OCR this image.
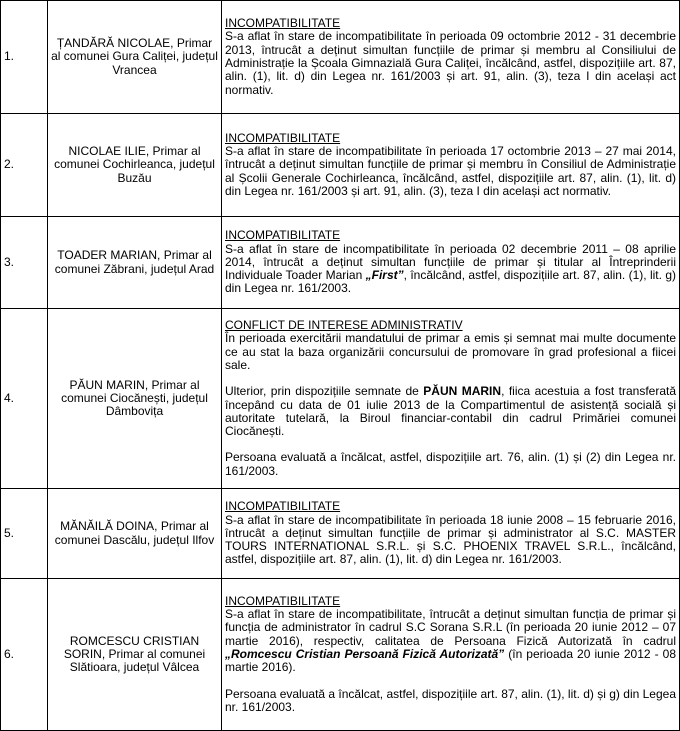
1.	ȚANDĂRĂ NICOLAE, Primar al comunei Gura Caliței, județul Vrancea	INCOMPATIBILITATE
S-a aflat în stare de incompatibilitate în perioada 09 octombrie 2012 - 31 decembrie 2013, întrucât a deținut simultan funcțiile de primar și membru al Consiliului de Administrație la Școala Gimnazială Gura Caliței, încălcând, astfel, dispozițiile art. 87, alin. (1), lit. d) din Legea nr. 161/2003 și art. 91, alin. (3), teza I din același act normativ.

2.	NICOLAE ILIE, Primar al comunei Cochirleanca, județul Buzău	INCOMPATIBILITATE
S-a aflat în stare de incompatibilitate în perioada 17 octombrie 2013 – 27 mai 2014, întrucât a deținut simultan funcțiile de primar și membru în Consiliul de Administrație al Școlii Generale Cochirleanca, încălcând, astfel, dispozițiile art. 87, alin. (1), lit. d) din Legea nr. 161/2003 și art. 91, alin. (3), teza I din același act normativ.

3.	TOADER MARIAN, Primar al comunei Zăbrani, județul Arad	INCOMPATIBILITATE
S-a aflat în stare de incompatibilitate în perioada 02 decembrie 2011 – 08 aprilie 2014, întrucât a deținut simultan funcțiile de primar și titular al Întreprinderii Individuale Toader Marian „First”, încălcând, astfel, dispozițiile art. 87, alin. (1), lit. g) din Legea nr. 161/2003.

4.	PĂUN MARIN, Primar al comunei Ciocănești, județul Dâmbovița	CONFLICT DE INTERESE ADMINISTRATIV
În perioada exercitării mandatului de primar a emis și semnat mai multe documente ce au stat la baza organizării concursului de promovare în grad profesional a fiicei sale.
Ulterior, prin dispozițiile semnate de PĂUN MARIN, fiica acestuia a fost transferată începând cu data de 01 iulie 2013 de la Compartimentul de asistență socială și autoritate tutelară, la Biroul financiar-contabil din cadrul Primăriei comunei Ciocănești.
Persoana evaluată a încălcat, astfel, dispozițiile art. 76, alin. (1) și (2) din Legea nr. 161/2003.

5.	MĂNĂILĂ DOINA, Primar al comunei Dascălu, județul Ilfov	INCOMPATIBILITATE
S-a aflat în stare de incompatibilitate în perioada 18 iunie 2008 – 15 februarie 2016, întrucât a deținut simultan funcțiile de primar și administrator al S.C. MASTER TOURS INTERNATIONAL S.R.L. și S.C. PHOENIX TRAVEL S.R.L., încălcând, astfel, dispozițiile art. 87, alin. (1), lit. d) din Legea nr. 161/2003.

6.	ROMCESCU CRISTIAN SORIN, Primar al comunei Slătioara, județul Vâlcea	INCOMPATIBILITATE
S-a aflat în stare de incompatibilitate, întrucât a deținut simultan funcția de primar și funcția de administrator în cadrul S.C Sorana S.R.L (în perioada 20 iunie 2012 – 07 martie 2016), respectiv, calitatea de Persoana Fizică Autorizată în cadrul „Romcescu Cristian Persoană Fizică Autorizată” (în perioada 20 iunie 2012 - 08 martie 2016).
Persoana evaluată a încălcat, astfel, dispozițiile art. 87, alin. (1), lit. d) și g) din Legea nr. 161/2003.
